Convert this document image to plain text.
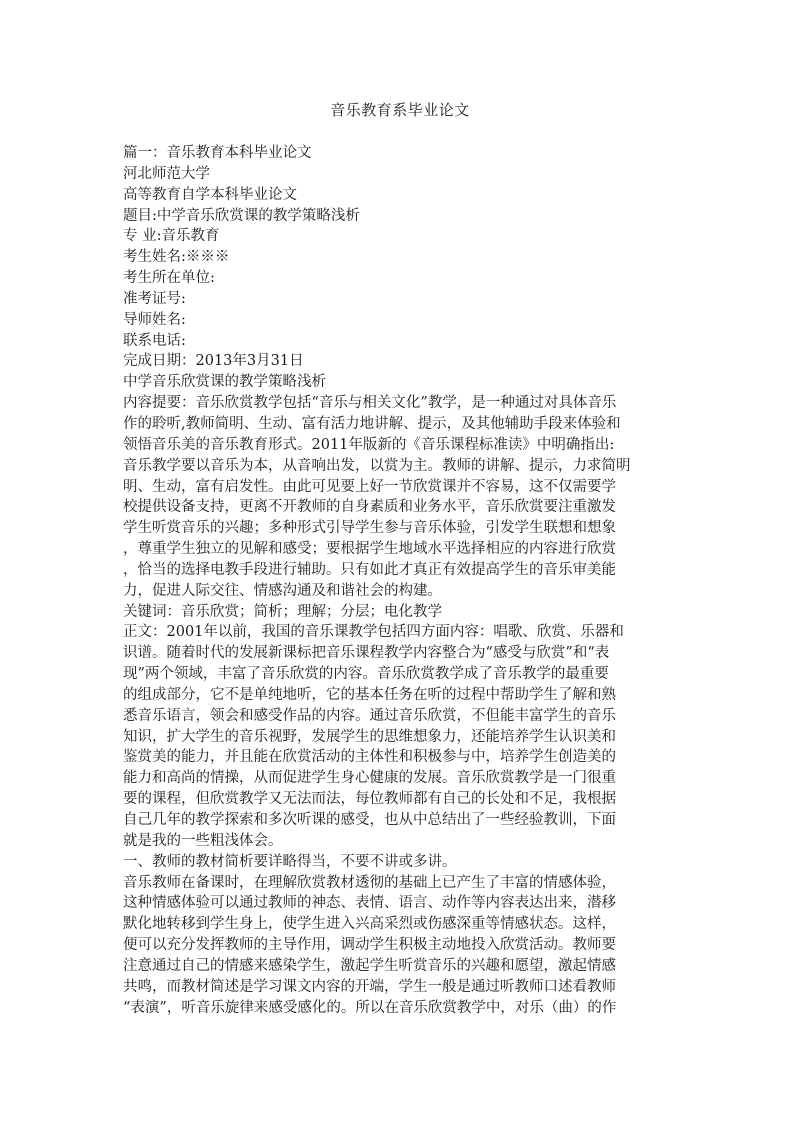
音乐教育系毕业论文
篇一：音乐教育本科毕业论文
河北师范大学
高等教育自学本科毕业论文
题目:中学音乐欣赏课的教学策略浅析
专 业:音乐教育
考生姓名:※※※
考生所在单位:
准考证号:
导师姓名:
联系电话:
完成日期：2013年3月31日
中学音乐欣赏课的教学策略浅析
内容提要：音乐欣赏教学包括“音乐与相关文化”教学，是一种通过对具体音乐
作的聆听,教师简明、生动、富有活力地讲解、提示，及其他辅助手段来体验和
领悟音乐美的音乐教育形式。2011年版新的《音乐课程标准读》中明确指出:
音乐教学要以音乐为本，从音响出发，以赏为主。教师的讲解、提示，力求简明
明、生动，富有启发性。由此可见要上好一节欣赏课并不容易，这不仅需要学
校提供设备支持，更离不开教师的自身素质和业务水平，音乐欣赏要注重激发
学生听赏音乐的兴趣；多种形式引导学生参与音乐体验，引发学生联想和想象
，尊重学生独立的见解和感受；要根据学生地域水平选择相应的内容进行欣赏
，恰当的选择电教手段进行辅助。只有如此才真正有效提高学生的音乐审美能
力，促进人际交往、情感沟通及和谐社会的构建。
关键词：音乐欣赏；简析；理解；分层；电化教学
正文：2001年以前，我国的音乐课教学包括四方面内容：唱歌、欣赏、乐器和
识谱。随着时代的发展新课标把音乐课程教学内容整合为“感受与欣赏”和“表
现”两个领域，丰富了音乐欣赏的内容。音乐欣赏教学成了音乐教学的最重要
的组成部分，它不是单纯地听，它的基本任务在听的过程中帮助学生了解和熟
悉音乐语言，领会和感受作品的内容。通过音乐欣赏，不但能丰富学生的音乐
知识，扩大学生的音乐视野，发展学生的思维想象力，还能培养学生认识美和
鉴赏美的能力，并且能在欣赏活动的主体性和积极参与中，培养学生创造美的
能力和高尚的情操，从而促进学生身心健康的发展。音乐欣赏教学是一门很重
要的课程，但欣赏教学又无法而法，每位教师都有自己的长处和不足，我根据
自己几年的教学探索和多次听课的感受，也从中总结出了一些经验教训，下面
就是我的一些粗浅体会。
一、教师的教材简析要详略得当，不要不讲或多讲。
音乐教师在备课时，在理解欣赏教材透彻的基础上已产生了丰富的情感体验，
这种情感体验可以通过教师的神态、表情、语言、动作等内容表达出来，潜移
默化地转移到学生身上，使学生进入兴高采烈或伤感深重等情感状态。这样，
便可以充分发挥教师的主导作用，调动学生积极主动地投入欣赏活动。教师要
注意通过自己的情感来感染学生，激起学生听赏音乐的兴趣和愿望，激起情感
共鸣，而教材简述是学习课文内容的开端，学生一般是通过听教师口述看教师
“表演”，听音乐旋律来感受感化的。所以在音乐欣赏教学中，对乐（曲）的作
